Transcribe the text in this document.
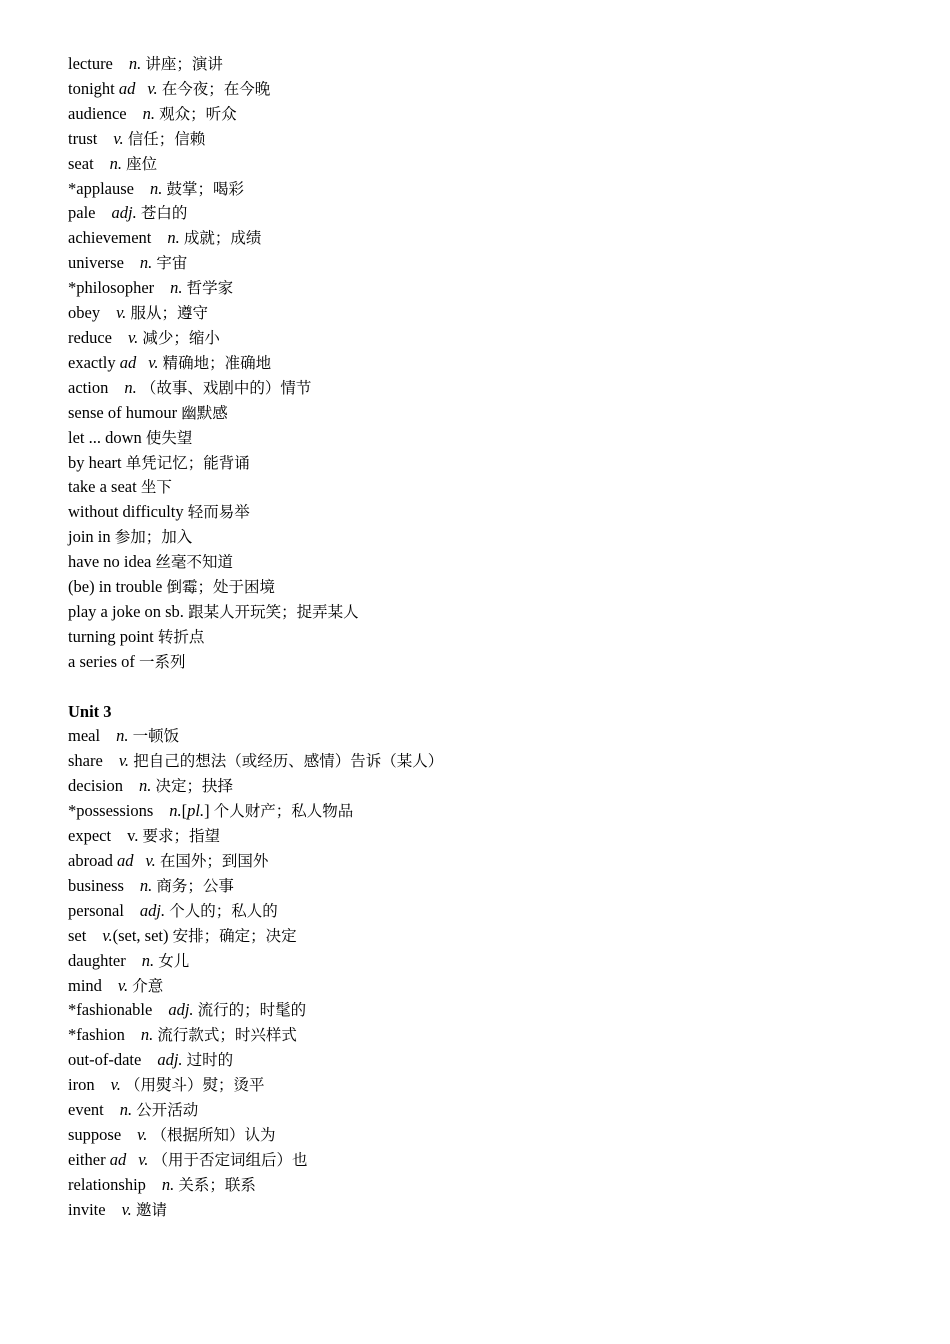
lecture n. 讲座；演讲
tonight ad v. 在今夜；在今晚
audience n. 观众；听众
trust v. 信任；信赖
seat n. 座位
*applause n. 鼓掌；喝彩
pale adj. 苍白的
achievement n. 成就；成绩
universe n. 宇宙
*philosopher n. 哲学家
obey v. 服从；遵守
reduce v. 减少；缩小
exactly ad v. 精确地；准确地
action n. （故事、戏剧中的）情节
sense of humour 幽默感
let ... down 使失望
by heart 单凭记忆；能背诵
take a seat 坐下
without difficulty 轻而易举
join in 参加；加入
have no idea 丝毫不知道
(be) in trouble 倒霉；处于困境
play a joke on sb. 跟某人开玩笑；捉弄某人
turning point 转折点
a series of 一系列
Unit 3
meal n. 一顿饭
share v. 把自己的想法（或经历、感情）告诉（某人）
decision n. 决定；抉择
*possessions n.[pl.] 个人财产；私人物品
expect v. 要求；指望
abroad ad v. 在国外；到国外
business n. 商务；公事
personal adj. 个人的；私人的
set v.(set, set) 安排；确定；决定
daughter n. 女儿
mind v. 介意
*fashionable adj. 流行的；时髦的
*fashion n. 流行款式；时兴样式
out-of-date adj. 过时的
iron v. （用熨斗）熨；烫平
event n. 公开活动
suppose v. （根据所知）认为
either ad v. （用于否定词组后）也
relationship n. 关系；联系
invite v. 邀请
